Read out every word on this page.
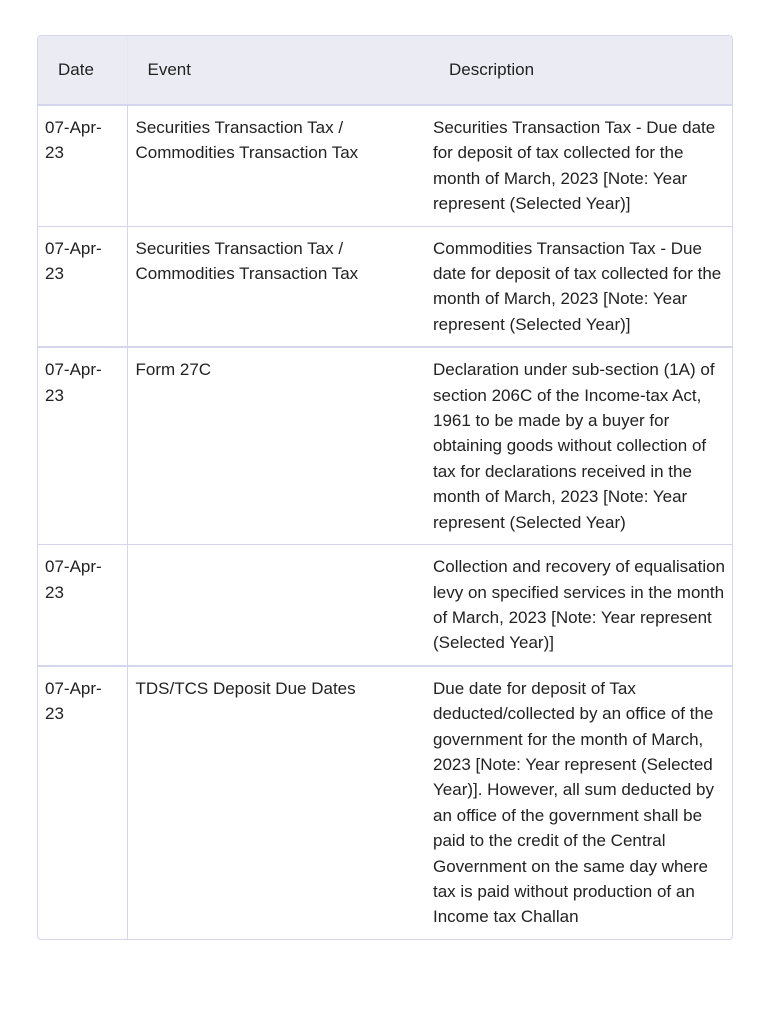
Date	Event	Description
07-Apr-23	Securities Transaction Tax / Commodities Transaction Tax	Securities Transaction Tax - Due date for deposit of tax collected for the month of March, 2023 [Note: Year represent (Selected Year)]
07-Apr-23	Securities Transaction Tax / Commodities Transaction Tax	Commodities Transaction Tax - Due date for deposit of tax collected for the month of March, 2023 [Note: Year represent (Selected Year)]
07-Apr-23	Form 27C	Declaration under sub-section (1A) of section 206C of the Income-tax Act, 1961 to be made by a buyer for obtaining goods without collection of tax for declarations received in the month of March, 2023 [Note: Year represent (Selected Year)
07-Apr-23		Collection and recovery of equalisation levy on specified services in the month of March, 2023 [Note: Year represent (Selected Year)]
07-Apr-23	TDS/TCS Deposit Due Dates	Due date for deposit of Tax deducted/collected by an office of the government for the month of March, 2023 [Note: Year represent (Selected Year)]. However, all sum deducted by an office of the government shall be paid to the credit of the Central Government on the same day where tax is paid without production of an Income tax Challan
